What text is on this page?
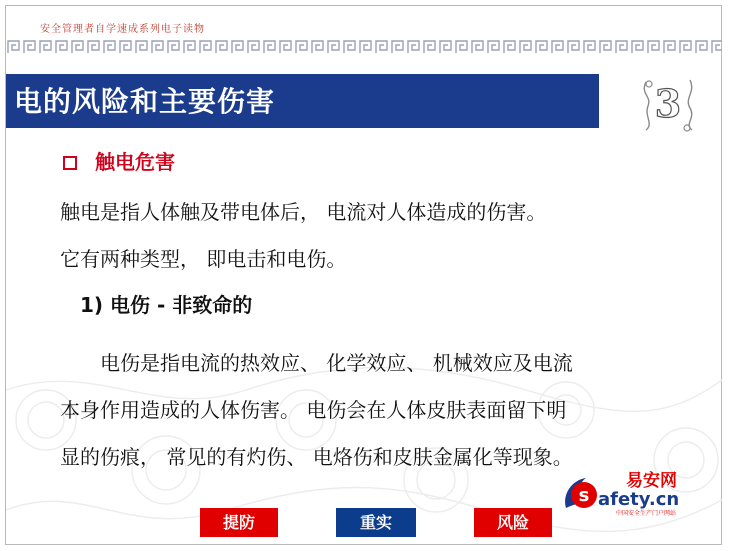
安全管理者自学速成系列电子读物
电的风险和主要伤害	3
触电危害
触电是指人体触及带电体后， 电流对人体造成的伤害。
它有两种类型， 即电击和电伤。
1) 电伤 - 非致命的
电伤是指电流的热效应、 化学效应、 机械效应及电流
本身作用造成的人体伤害。 电伤会在人体皮肤表面留下明
显的伤痕， 常见的有灼伤、 电烙伤和皮肤金属化等现象。
s
易安网
afety.cn
中国安全生产门户网站
提防	重实	风险
